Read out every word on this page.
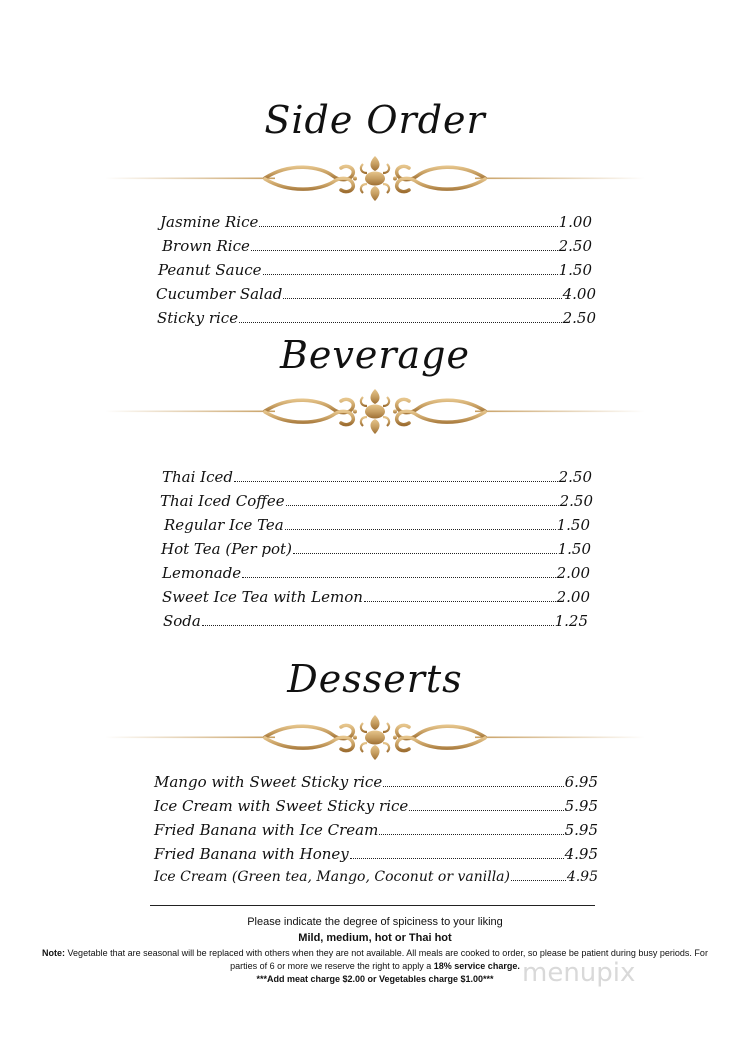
Side Order
Jasmine Rice	1.00
Brown Rice	2.50
Peanut Sauce	1.50
Cucumber Salad	4.00
Sticky rice	2.50
Beverage
Thai Iced	2.50
Thai Iced Coffee	2.50
Regular Ice Tea	1.50
Hot Tea (Per pot)	1.50
Lemonade	2.00
Sweet Ice Tea with Lemon	2.00
Soda	1.25
Desserts
Mango with Sweet Sticky rice	6.95
Ice Cream with Sweet Sticky rice	5.95
Fried Banana with Ice Cream	5.95
Fried Banana with Honey	4.95
Ice Cream (Green tea, Mango, Coconut or vanilla)	4.95
Please indicate the degree of spiciness to your liking
Mild, medium, hot or Thai hot
Note: Vegetable that are seasonal will be replaced with others when they are not available. All meals are cooked to order, so please be patient during busy periods. For parties of 6 or more we reserve the right to apply a 18% service charge.
***Add meat charge $2.00 or Vegetables charge $1.00***	menupix
